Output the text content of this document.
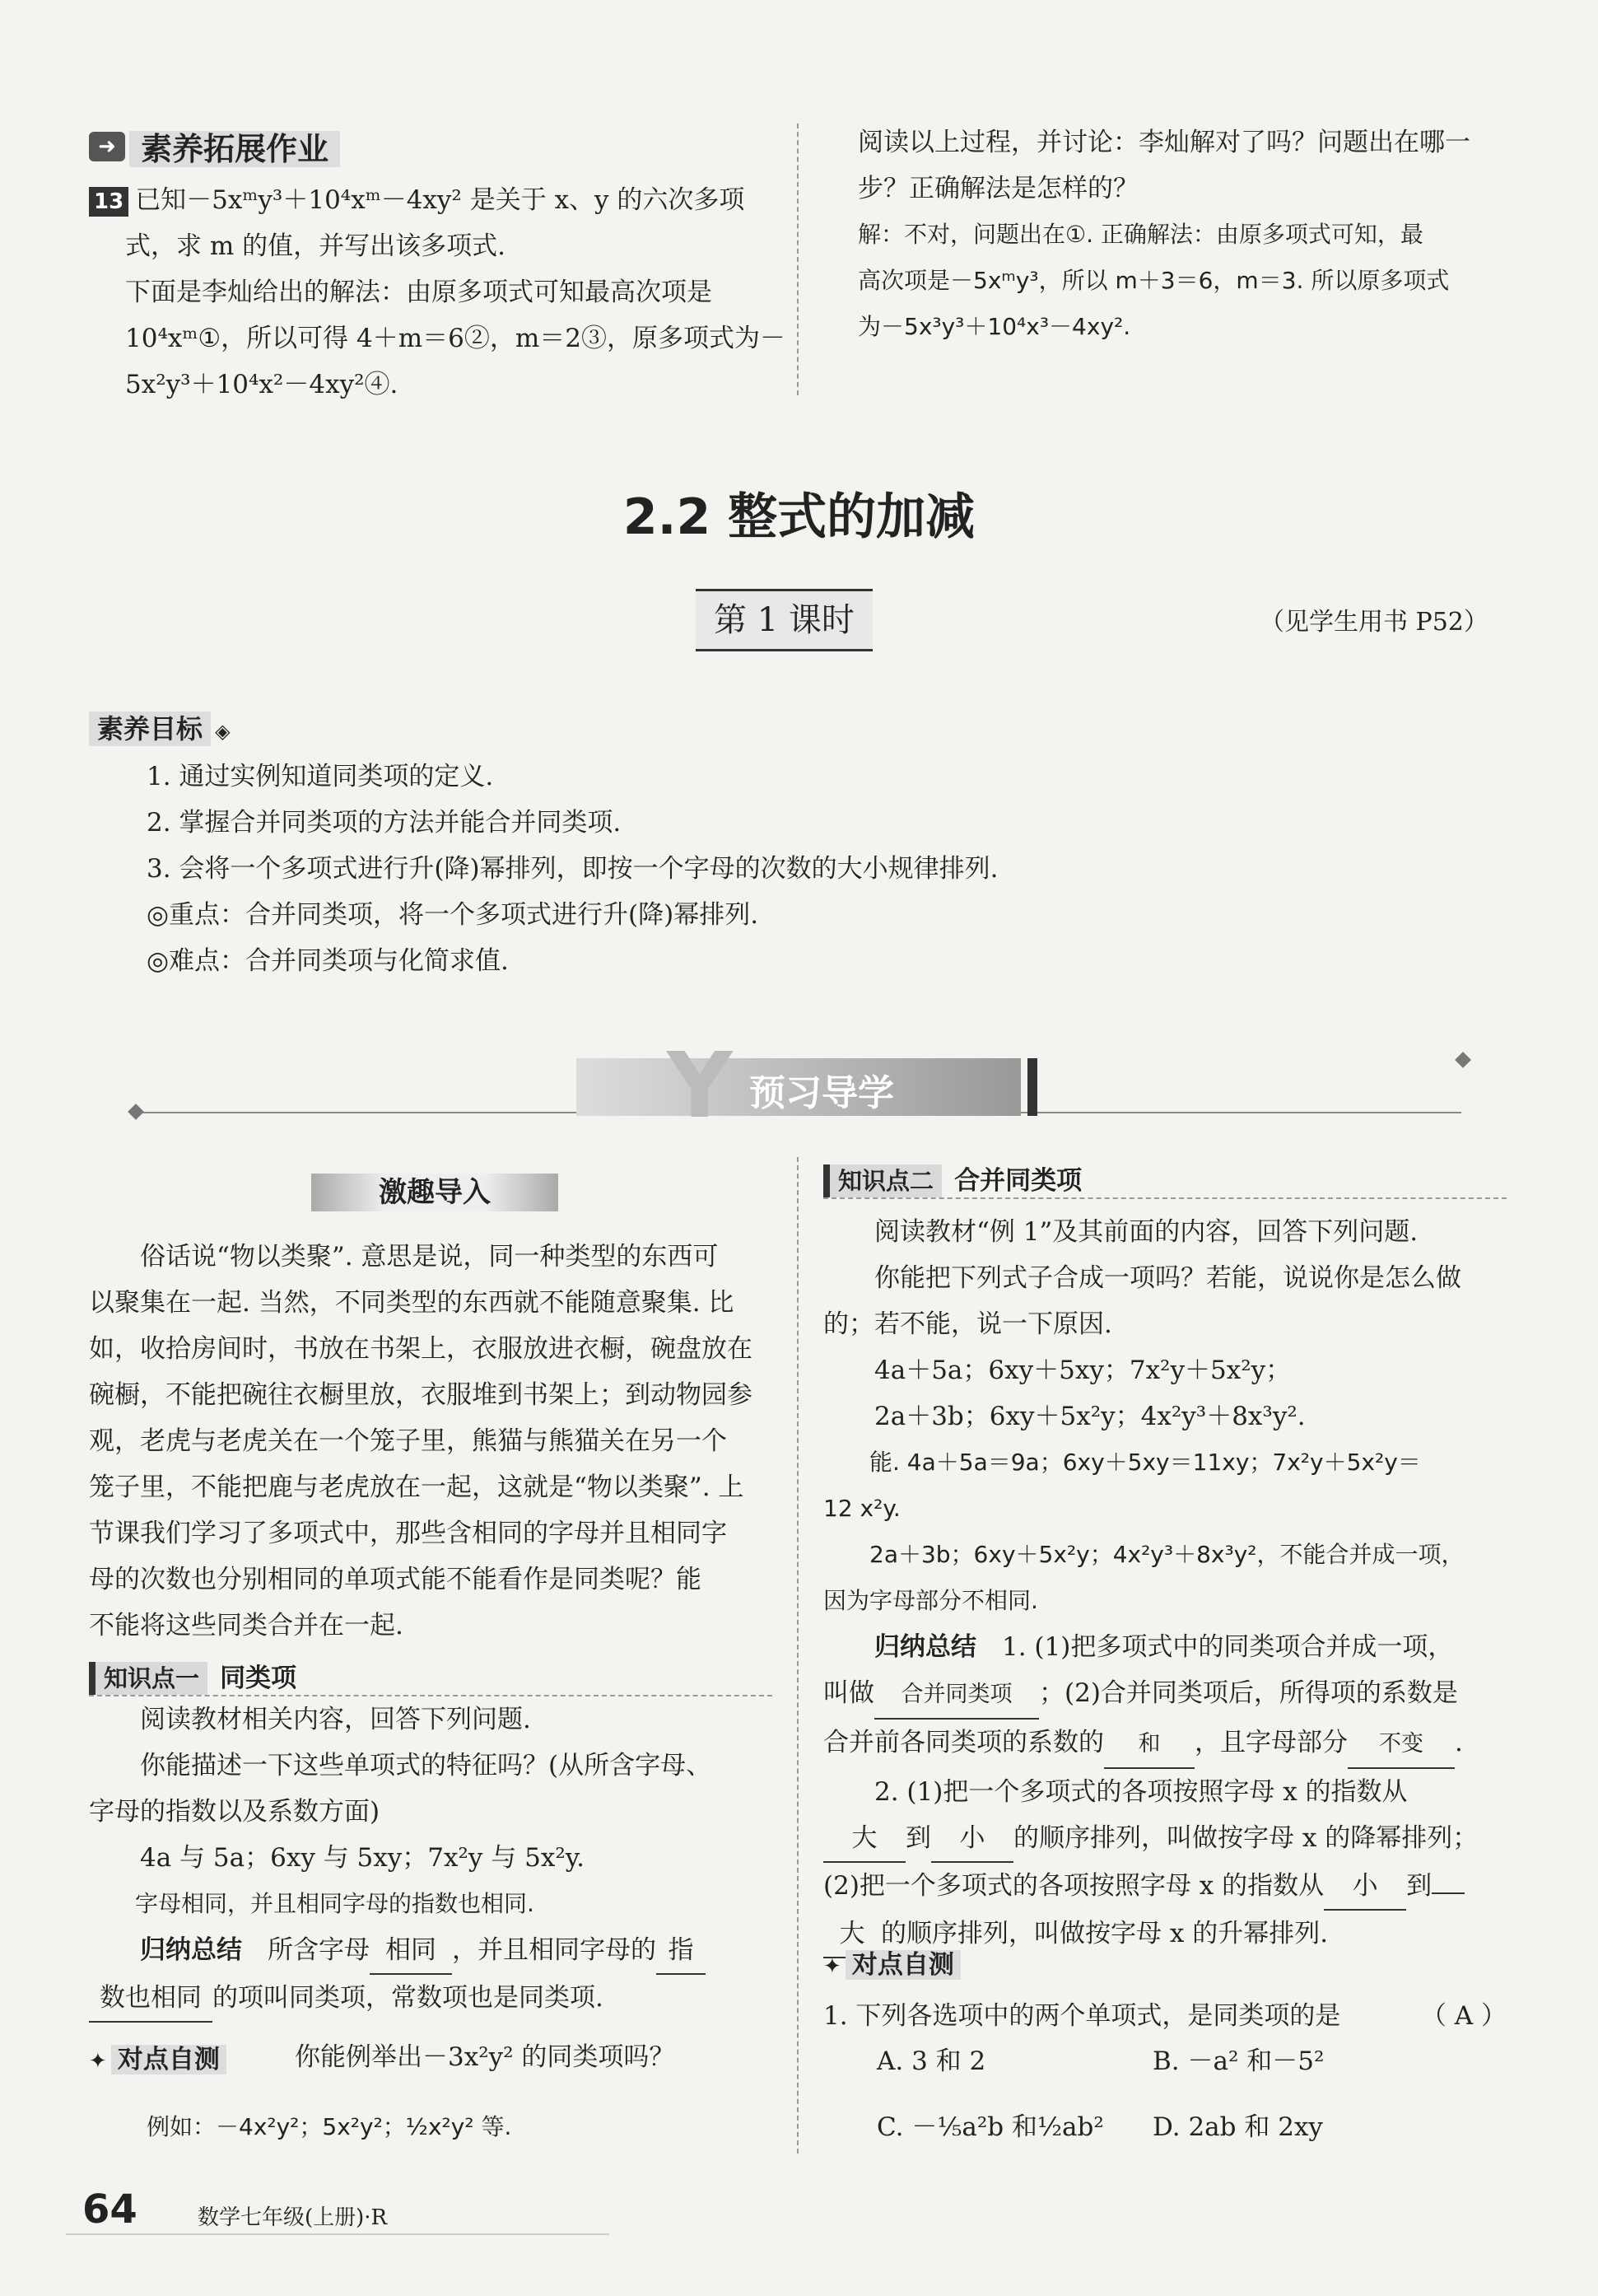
➜ 素养拓展作业
13 已知－5xᵐy³＋10⁴xᵐ－4xy² 是关于 x、y 的六次多项
式，求 m 的值，并写出该多项式.
下面是李灿给出的解法：由原多项式可知最高次项是
10⁴xᵐ①，所以可得 4＋m＝6②，m＝2③，原多项式为－
5x²y³＋10⁴x²－4xy²④.
阅读以上过程，并讨论：李灿解对了吗？问题出在哪一
步？正确解法是怎样的？
解：不对，问题出在①. 正确解法：由原多项式可知，最
高次项是－5xᵐy³，所以 m＋3＝6，m＝3. 所以原多项式
为－5x³y³＋10⁴x³－4xy².
2.2 整式的加减
第 1 课时	（见学生用书 P52）
素养目标 ◈
1. 通过实例知道同类项的定义.
2. 掌握合并同类项的方法并能合并同类项.
3. 会将一个多项式进行升(降)幂排列，即按一个字母的次数的大小规律排列.
◎重点：合并同类项，将一个多项式进行升(降)幂排列.
◎难点：合并同类项与化简求值.
Y 预习导学
激趣导入
　　俗话说“物以类聚”. 意思是说，同一种类型的东西可
以聚集在一起. 当然，不同类型的东西就不能随意聚集. 比
如，收拾房间时，书放在书架上，衣服放进衣橱，碗盘放在
碗橱，不能把碗往衣橱里放，衣服堆到书架上；到动物园参
观，老虎与老虎关在一个笼子里，熊猫与熊猫关在另一个
笼子里，不能把鹿与老虎放在一起，这就是“物以类聚”. 上
节课我们学习了多项式中，那些含相同的字母并且相同字
母的次数也分别相同的单项式能不能看作是同类呢？能
不能将这些同类合并在一起.
知识点一 同类项
　　阅读教材相关内容，回答下列问题.
　　你能描述一下这些单项式的特征吗？(从所含字母、
字母的指数以及系数方面)
　　4a 与 5a；6xy 与 5xy；7x²y 与 5x²y.
　　字母相同，并且相同字母的指数也相同.
　　归纳总结　 所含字母 相同 ，并且相同字母的 指
数也相同 的项叫同类项，常数项也是同类项.
✦ 对点自测	你能例举出－3x²y² 的同类项吗？
例如：－4x²y²；5x²y²；½x²y² 等.
知识点二 合并同类项
　　阅读教材“例 1”及其前面的内容，回答下列问题.
　　你能把下列式子合成一项吗？若能，说说你是怎么做
的；若不能，说一下原因.
　　4a＋5a；6xy＋5xy；7x²y＋5x²y；
　　2a＋3b；6xy＋5x²y；4x²y³＋8x³y².
　　能. 4a＋5a＝9a；6xy＋5xy＝11xy；7x²y＋5x²y＝
12 x²y.
　　2a＋3b；6xy＋5x²y；4x²y³＋8x³y²，不能合并成一项，
因为字母部分不相同.
　　归纳总结　 1. (1)把多项式中的同类项合并成一项，
叫做 合并同类项 ；(2)合并同类项后，所得项的系数是
合并前各同类项的系数的 和 ，且字母部分 不变 .
　　2. (1)把一个多项式的各项按照字母 x 的指数从
大 到 小 的顺序排列，叫做按字母 x 的降幂排列；
(2)把一个多项式的各项按照字母 x 的指数从 小 到
大 的顺序排列，叫做按字母 x 的升幂排列.
✦ 对点自测
1. 下列各选项中的两个单项式，是同类项的是	（ A ）
A. 3 和 2	B. －a² 和－5²
C. －⅕a²b 和½ab² D. 2ab 和 2xy
64	数学七年级(上册)·R
